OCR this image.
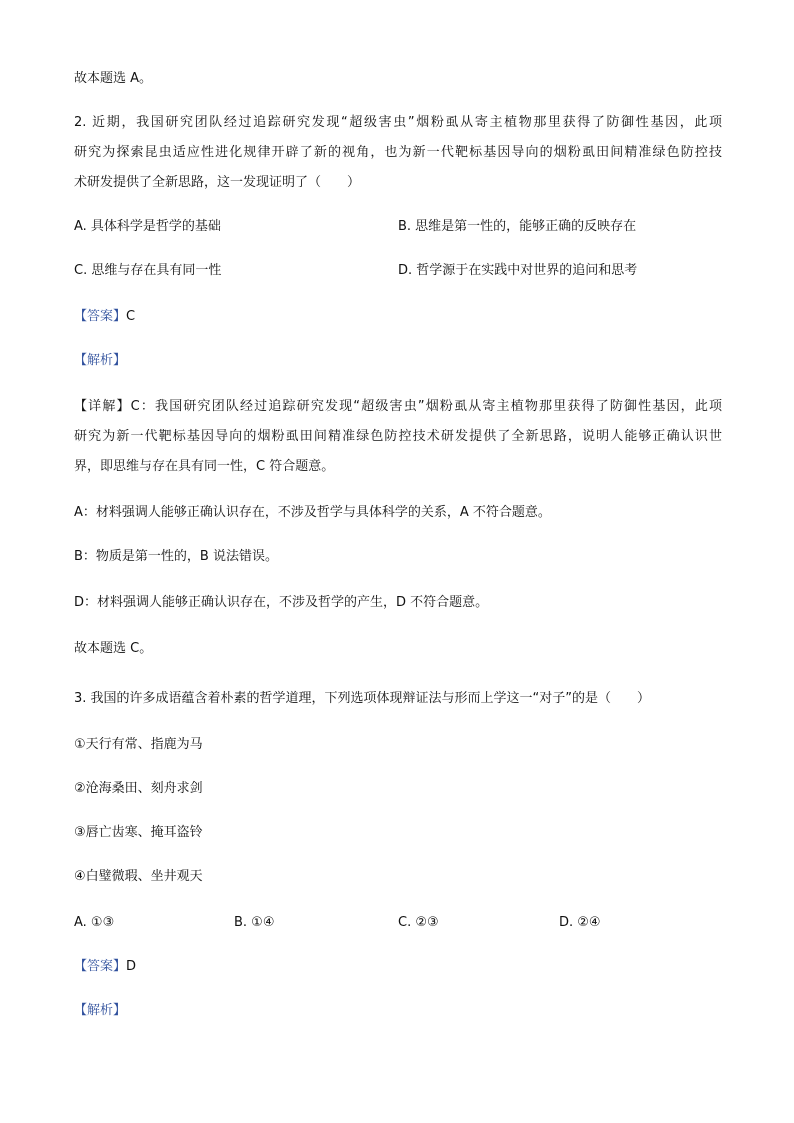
故本题选 A。
2. 近期，我国研究团队经过追踪研究发现“超级害虫”烟粉虱从寄主植物那里获得了防御性基因，此项
研究为探索昆虫适应性进化规律开辟了新的视角，也为新一代靶标基因导向的烟粉虱田间精准绿色防控技
术研发提供了全新思路，这一发现证明了（　　）
A. 具体科学是哲学的基础	B. 思维是第一性的，能够正确的反映存在
C. 思维与存在具有同一性	D. 哲学源于在实践中对世界的追问和思考
【答案】C
【解析】
【详解】C：我国研究团队经过追踪研究发现“超级害虫”烟粉虱从寄主植物那里获得了防御性基因，此项
研究为新一代靶标基因导向的烟粉虱田间精准绿色防控技术研发提供了全新思路，说明人能够正确认识世
界，即思维与存在具有同一性，C 符合题意。
A：材料强调人能够正确认识存在，不涉及哲学与具体科学的关系，A 不符合题意。
B：物质是第一性的，B 说法错误。
D：材料强调人能够正确认识存在，不涉及哲学的产生，D 不符合题意。
故本题选 C。
3. 我国的许多成语蕴含着朴素的哲学道理，下列选项体现辩证法与形而上学这一“对子”的是（　　）
①天行有常、指鹿为马
②沧海桑田、刻舟求剑
③唇亡齿寒、掩耳盗铃
④白璧微瑕、坐井观天
A. ①③	B. ①④	C. ②③	D. ②④
【答案】D
【解析】
